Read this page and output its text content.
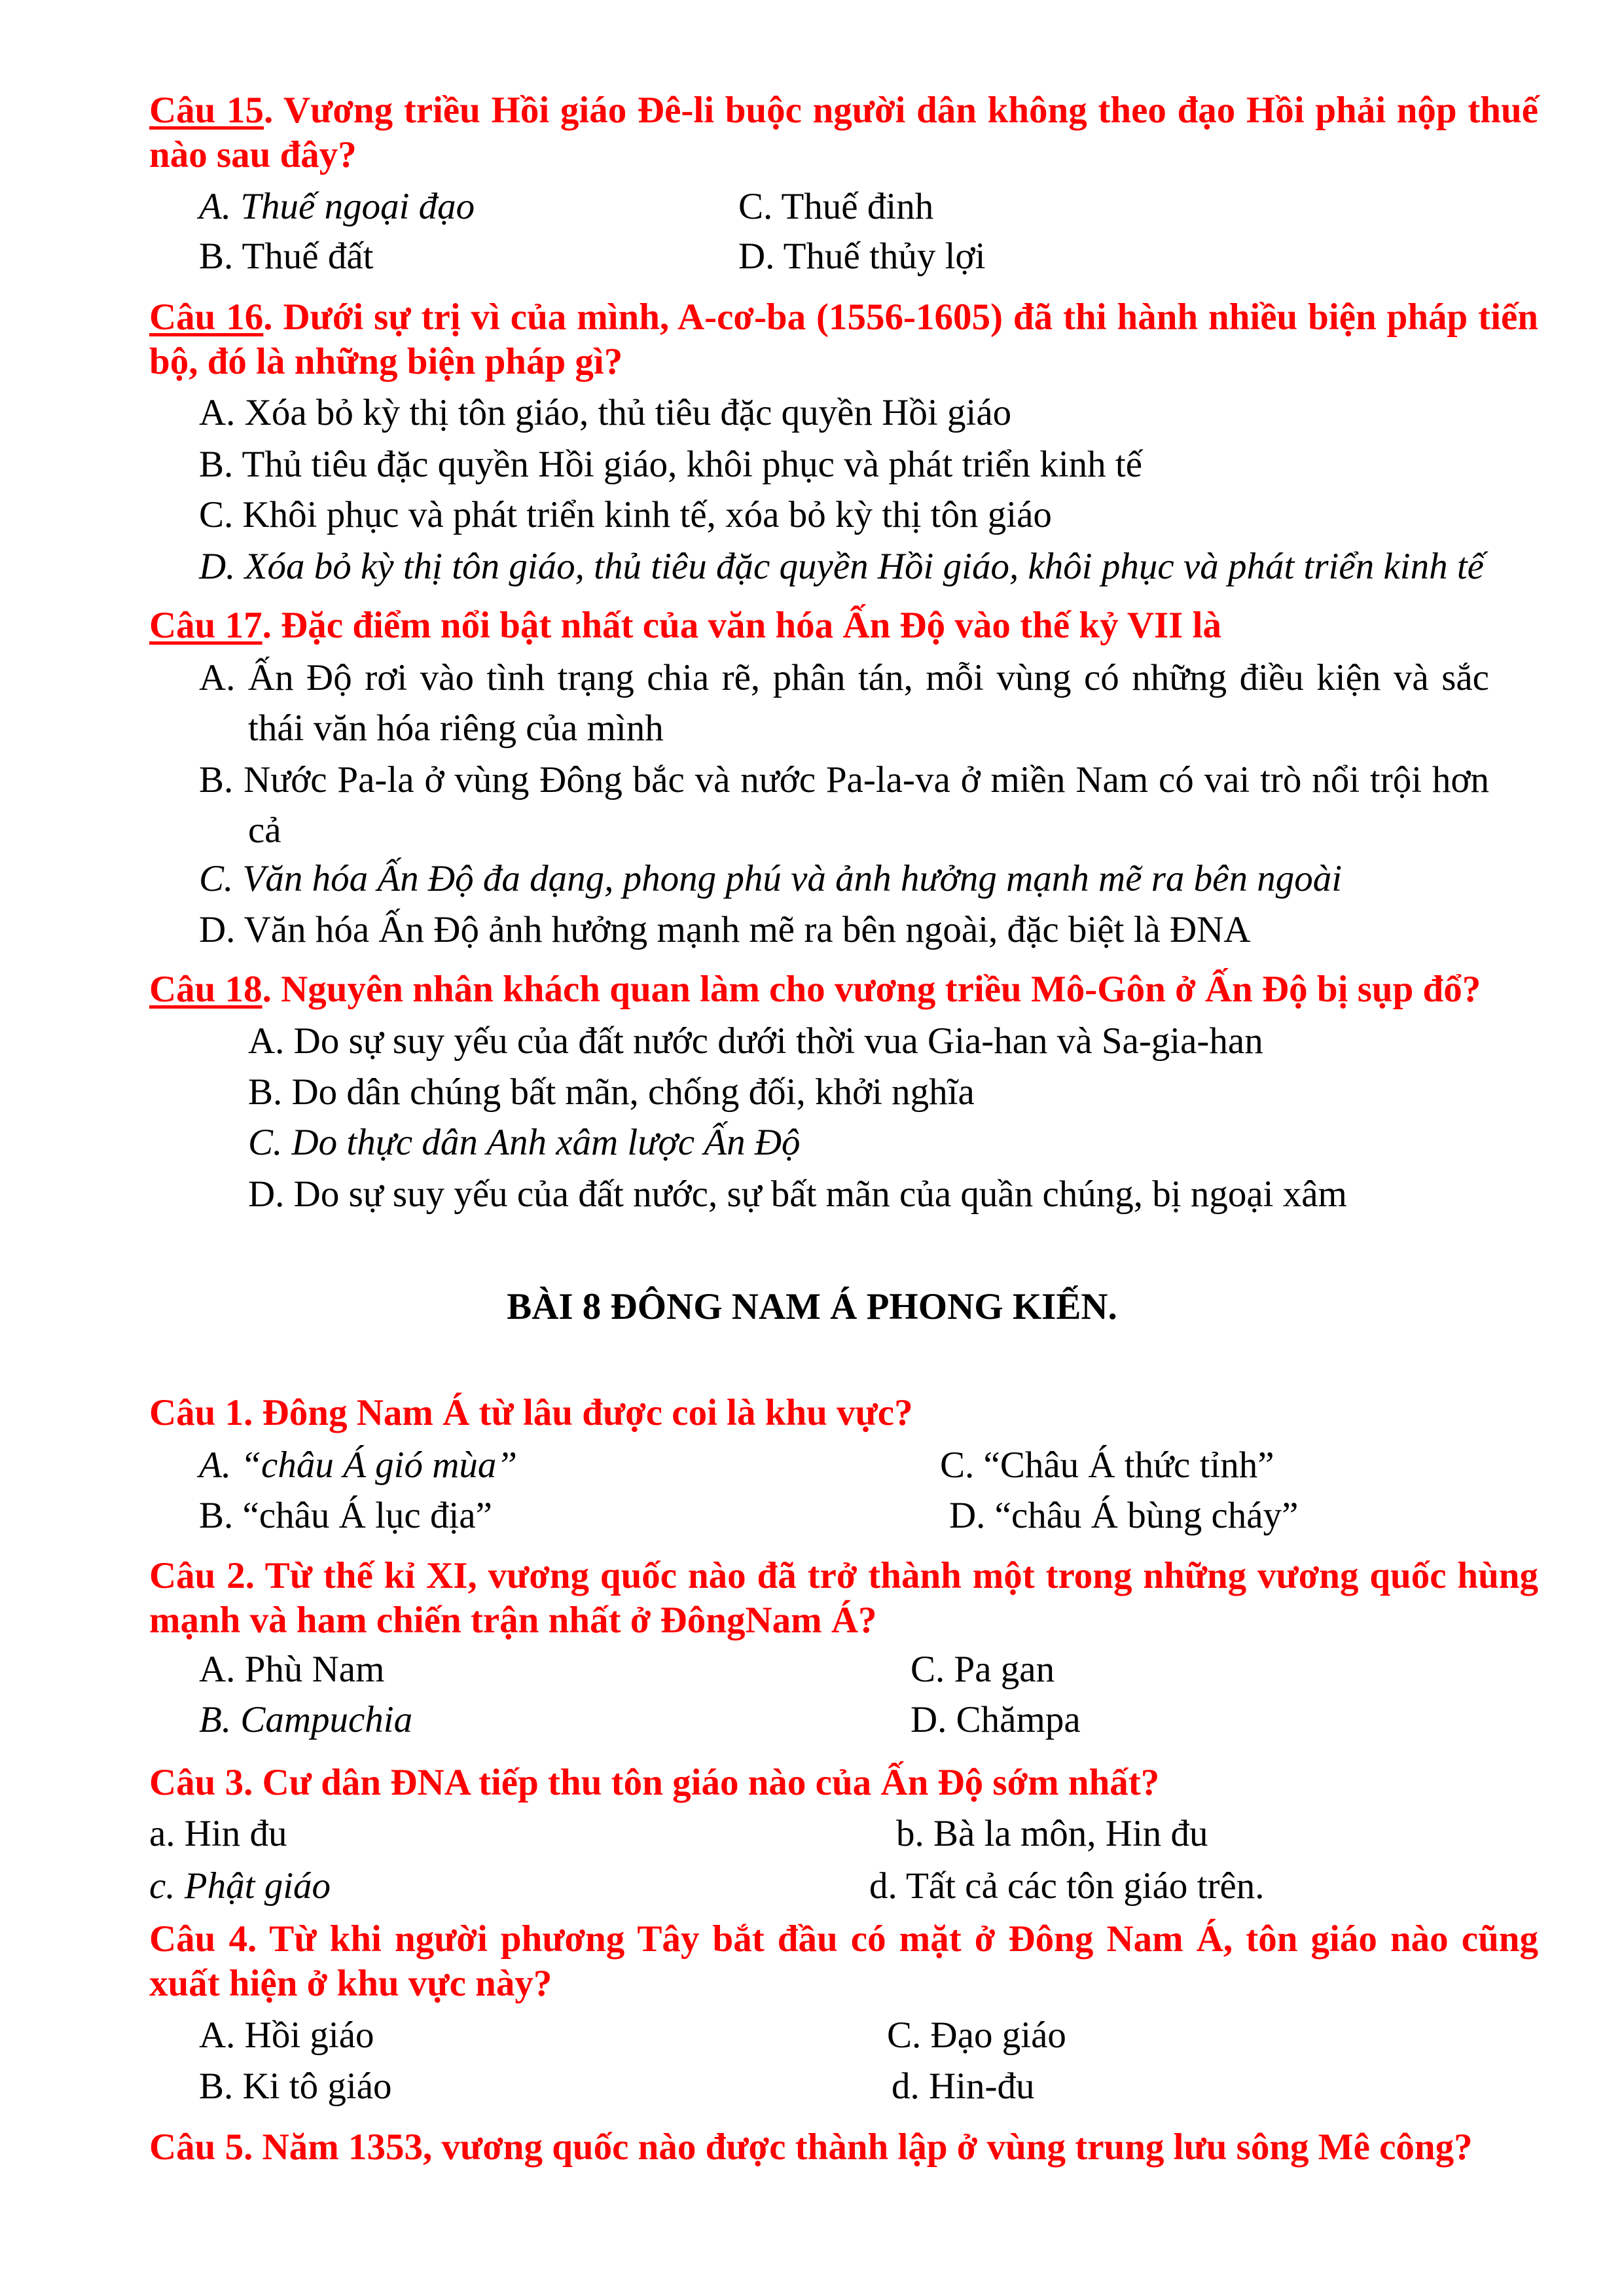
Câu 15. Vương triều Hồi giáo Đê-li buộc người dân không theo đạo Hồi phải nộp thuế nào sau đây?
A. Thuế ngoại đạo	C. Thuế đinh
B. Thuế đất	D. Thuế thủy lợi
Câu 16. Dưới sự trị vì của mình, A-cơ-ba (1556-1605) đã thi hành nhiều biện pháp tiến bộ, đó là những biện pháp gì?
A. Xóa bỏ kỳ thị tôn giáo, thủ tiêu đặc quyền Hồi giáo
B. Thủ tiêu đặc quyền Hồi giáo, khôi phục và phát triển kinh tế
C. Khôi phục và phát triển kinh tế, xóa bỏ kỳ thị tôn giáo
D. Xóa bỏ kỳ thị tôn giáo, thủ tiêu đặc quyền Hồi giáo, khôi phục và phát triển kinh tế
Câu 17. Đặc điểm nổi bật nhất của văn hóa Ấn Độ vào thế kỷ VII là
A. Ấn Độ rơi vào tình trạng chia rẽ, phân tán, mỗi vùng có những điều kiện và sắc thái văn hóa riêng của mình
B. Nước Pa-la ở vùng Đông bắc và nước Pa-la-va ở miền Nam có vai trò nổi trội hơn cả
C. Văn hóa Ấn Độ đa dạng, phong phú và ảnh hưởng mạnh mẽ ra bên ngoài
D. Văn hóa Ấn Độ ảnh hưởng mạnh mẽ ra bên ngoài, đặc biệt là ĐNA
Câu 18. Nguyên nhân khách quan làm cho vương triều Mô-Gôn ở Ấn Độ bị sụp đổ?
A. Do sự suy yếu của đất nước dưới thời vua Gia-han và Sa-gia-han
B. Do dân chúng bất mãn, chống đối, khởi nghĩa
C. Do thực dân Anh xâm lược Ấn Độ
D. Do sự suy yếu của đất nước, sự bất mãn của quần chúng, bị ngoại xâm
BÀI 8 ĐÔNG NAM Á PHONG KIẾN.
Câu 1. Đông Nam Á từ lâu được coi là khu vực?
A. “châu Á gió mùa”	C. “Châu Á thức tỉnh”
B. “châu Á lục địa”	D. “châu Á bùng cháy”
Câu 2. Từ thế kỉ XI, vương quốc nào đã trở thành một trong những vương quốc hùng mạnh và ham chiến trận nhất ở ĐôngNam Á?
A. Phù Nam	C. Pa gan
B. Campuchia	D. Chămpa
Câu 3. Cư dân ĐNA tiếp thu tôn giáo nào của Ấn Độ sớm nhất?
a. Hin đu	b. Bà la môn, Hin đu
c. Phật giáo	d. Tất cả các tôn giáo trên.
Câu 4. Từ khi người phương Tây bắt đầu có mặt ở Đông Nam Á, tôn giáo nào cũng xuất hiện ở khu vực này?
A. Hồi giáo	C. Đạo giáo
B. Ki tô giáo	d. Hin-đu
Câu 5. Năm 1353, vương quốc nào được thành lập ở vùng trung lưu sông Mê công?
